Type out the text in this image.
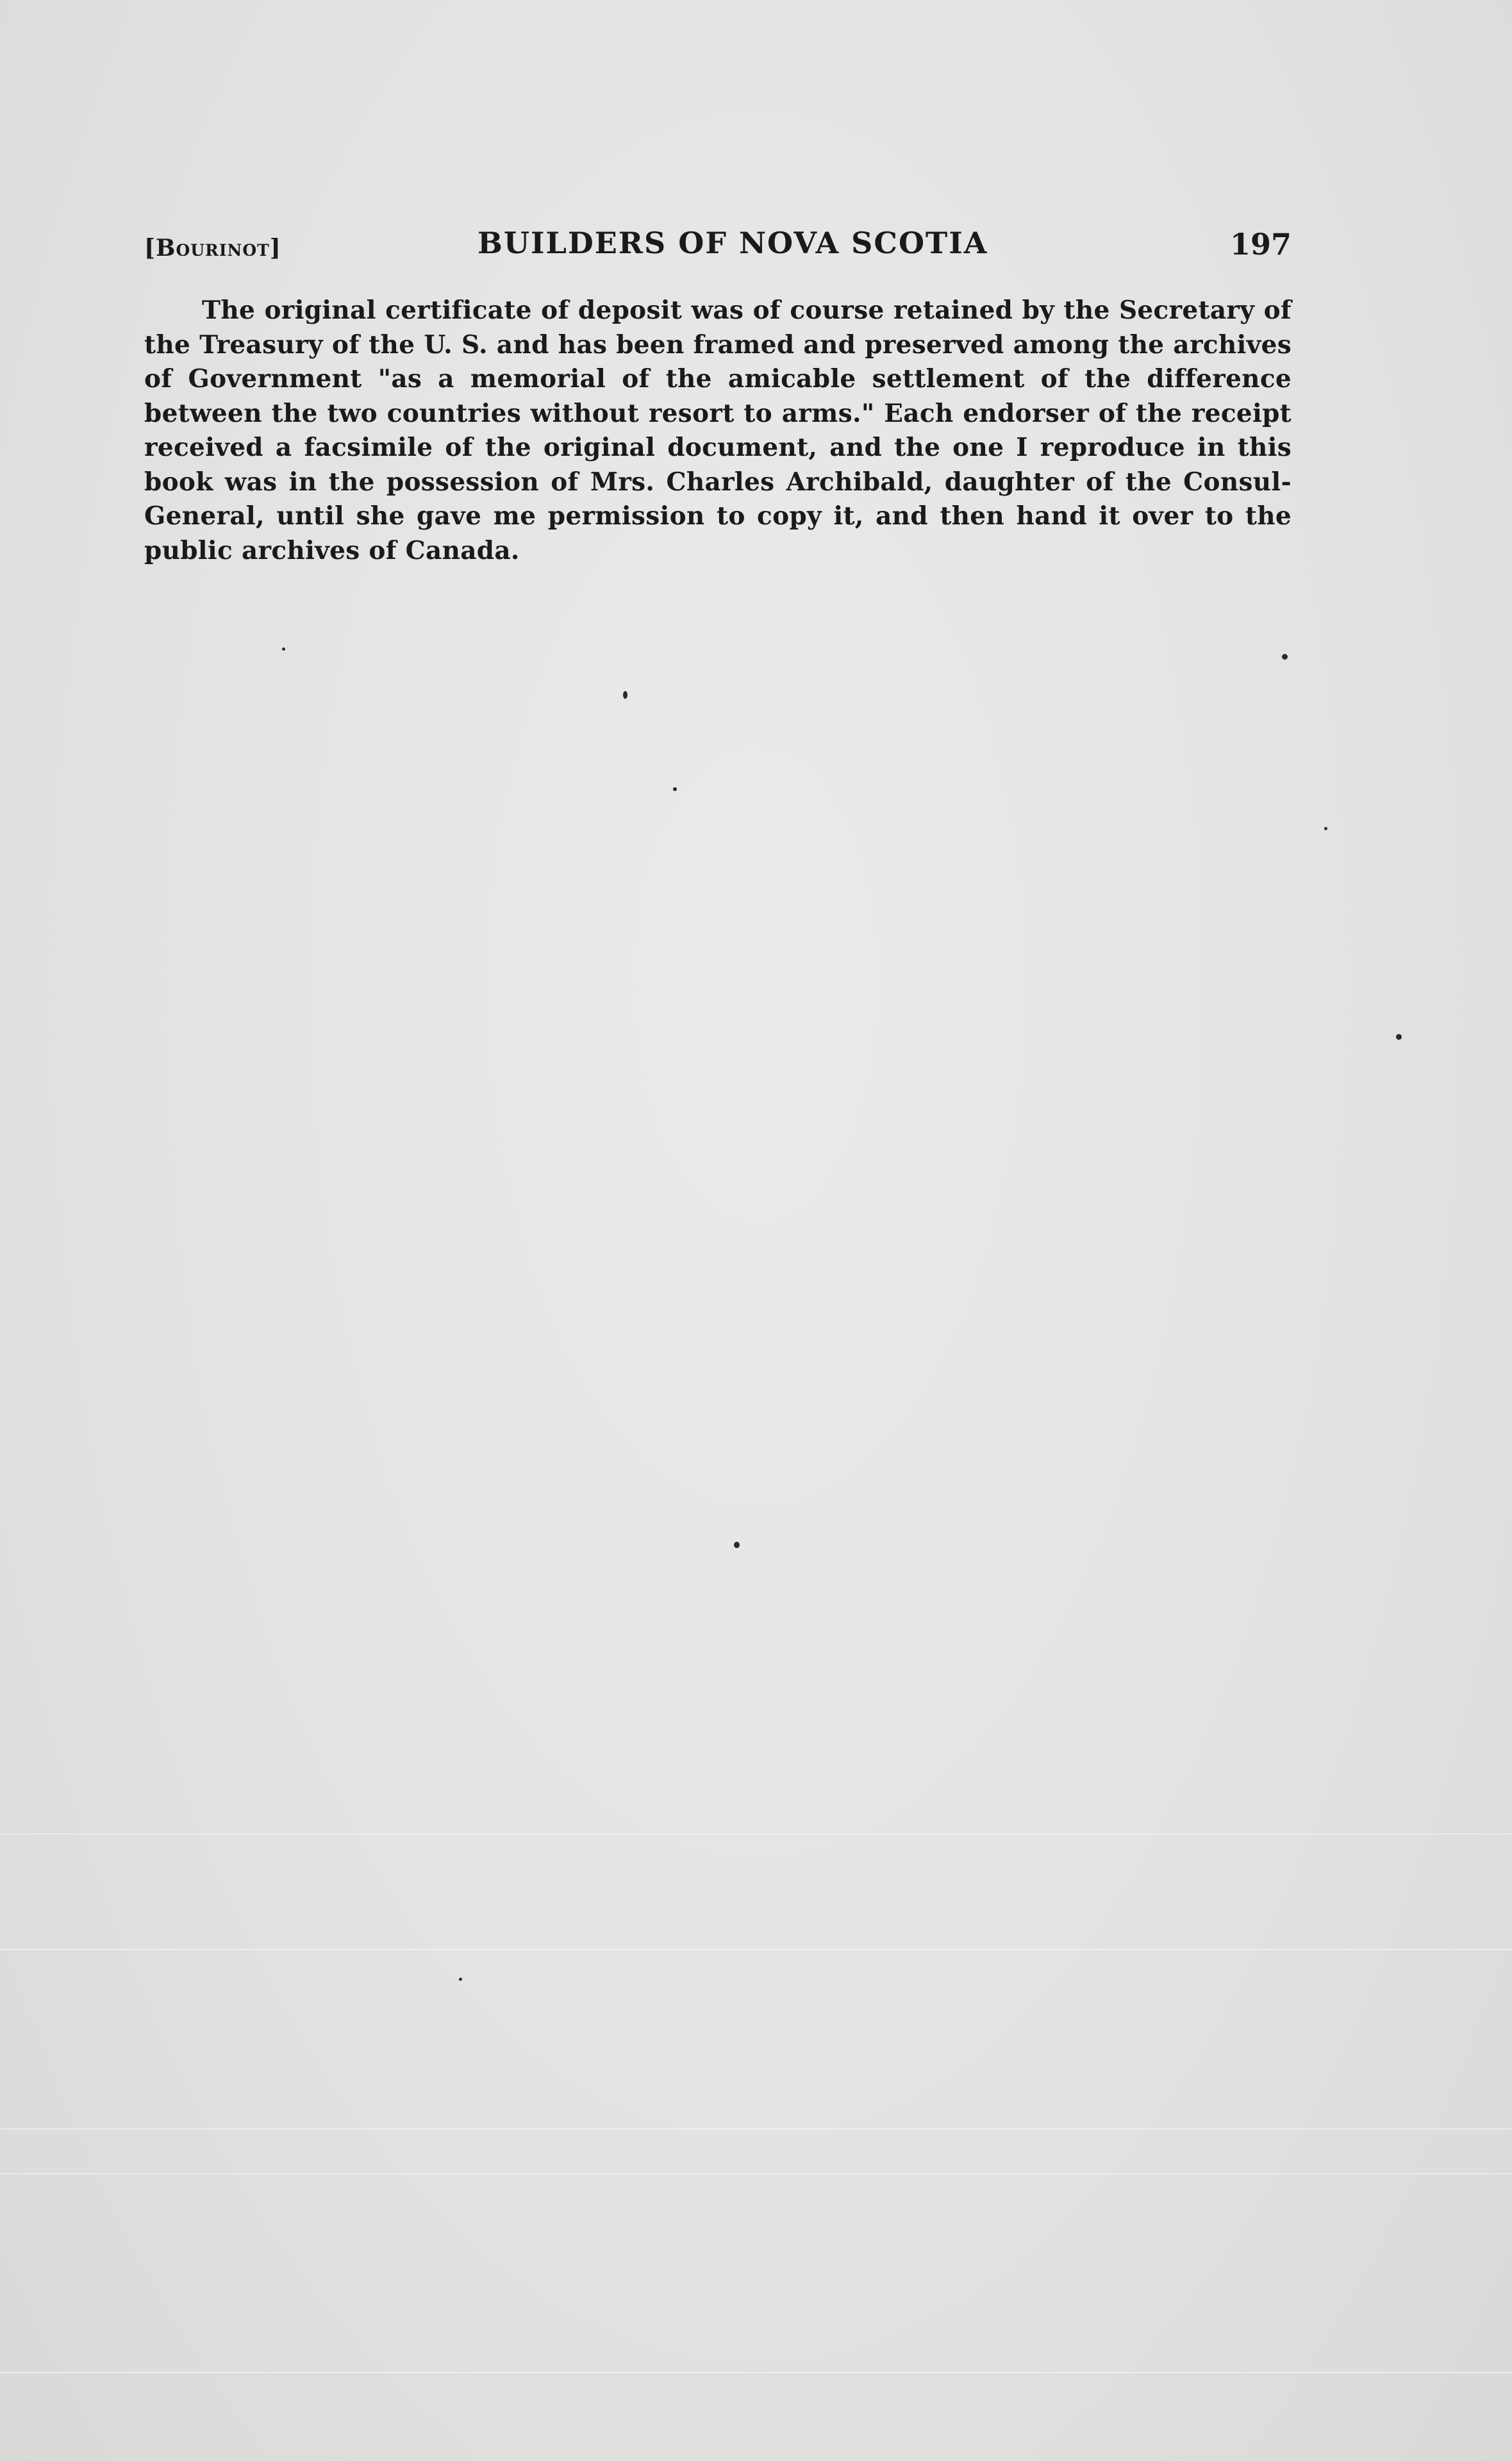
[Bourinot]	BUILDERS OF NOVA SCOTIA	197

The original certificate of deposit was of course retained by the Secretary of the Treasury of the U. S. and has been framed and preserved among the archives of Government "as a memorial of the amicable settlement of the difference between the two countries without resort to arms." Each endorser of the receipt received a facsimile of the original document, and the one I reproduce in this book was in the possession of Mrs. Charles Archibald, daughter of the Consul-General, until she gave me permission to copy it, and then hand it over to the public archives of Canada.
